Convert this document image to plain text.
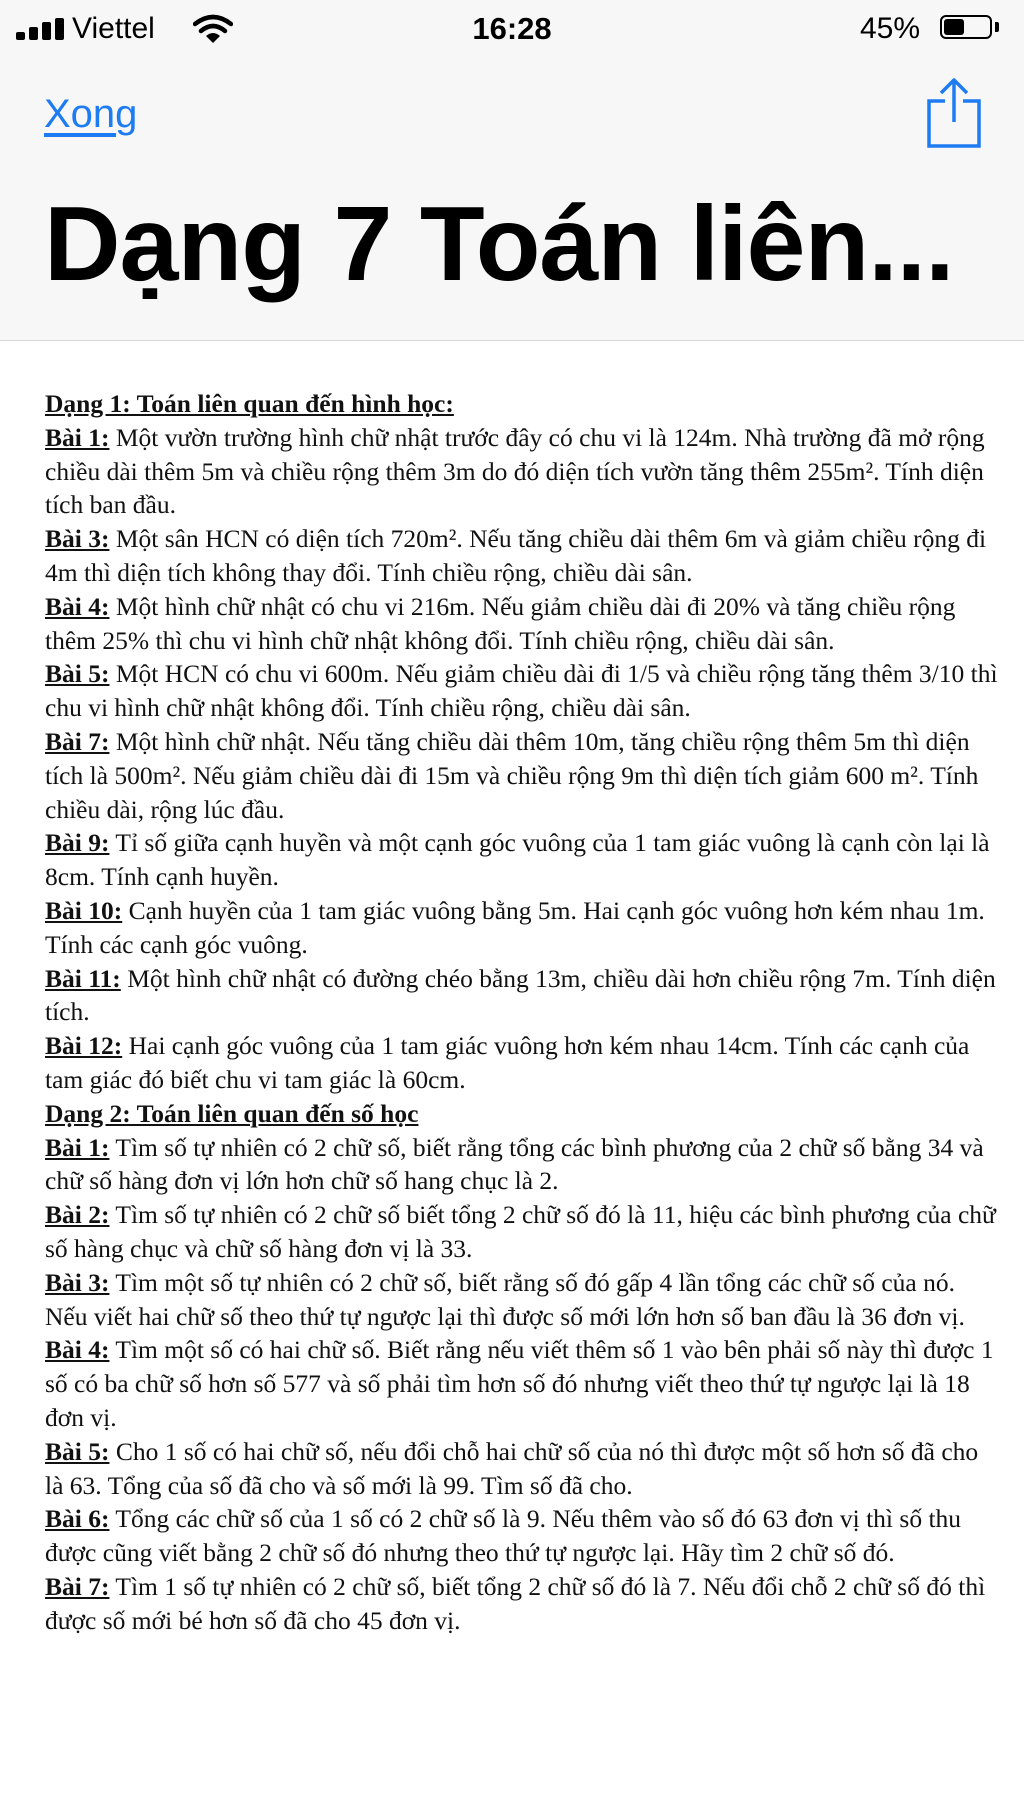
Viettel	16:28	45%
Xong
Dạng 7 Toán liên...

Dạng 1: Toán liên quan đến hình học:

Bài 1: Một vườn trường hình chữ nhật trước đây có chu vi là 124m. Nhà trường đã mở rộng chiều dài thêm 5m và chiều rộng thêm 3m do đó diện tích vườn tăng thêm 255m². Tính diện tích ban đầu.

Bài 3: Một sân HCN có diện tích 720m². Nếu tăng chiều dài thêm 6m và giảm chiều rộng đi 4m thì diện tích không thay đổi. Tính chiều rộng, chiều dài sân.

Bài 4: Một hình chữ nhật có chu vi 216m. Nếu giảm chiều dài đi 20% và tăng chiều rộng thêm 25% thì chu vi hình chữ nhật không đổi. Tính chiều rộng, chiều dài sân.

Bài 5: Một HCN có chu vi 600m. Nếu giảm chiều dài đi 1/5 và chiều rộng tăng thêm 3/10 thì chu vi hình chữ nhật không đổi. Tính chiều rộng, chiều dài sân.

Bài 7: Một hình chữ nhật. Nếu tăng chiều dài thêm 10m, tăng chiều rộng thêm 5m thì diện tích là 500m². Nếu giảm chiều dài đi 15m và chiều rộng 9m thì diện tích giảm 600 m². Tính chiều dài, rộng lúc đầu.

Bài 9: Tỉ số giữa cạnh huyền và một cạnh góc vuông của 1 tam giác vuông là cạnh còn lại là 8cm. Tính cạnh huyền.

Bài 10: Cạnh huyền của 1 tam giác vuông bằng 5m. Hai cạnh góc vuông hơn kém nhau 1m. Tính các cạnh góc vuông.

Bài 11: Một hình chữ nhật có đường chéo bằng 13m, chiều dài hơn chiều rộng 7m. Tính diện tích.

Bài 12: Hai cạnh góc vuông của 1 tam giác vuông hơn kém nhau 14cm. Tính các cạnh của tam giác đó biết chu vi tam giác là 60cm.

Dạng 2: Toán liên quan đến số học

Bài 1: Tìm số tự nhiên có 2 chữ số, biết rằng tổng các bình phương của 2 chữ số bằng 34 và chữ số hàng đơn vị lớn hơn chữ số hang chục là 2.

Bài 2: Tìm số tự nhiên có 2 chữ số biết tổng 2 chữ số đó là 11, hiệu các bình phương của chữ số hàng chục và chữ số hàng đơn vị là 33.

Bài 3: Tìm một số tự nhiên có 2 chữ số, biết rằng số đó gấp 4 lần tổng các chữ số của nó. Nếu viết hai chữ số theo thứ tự ngược lại thì được số mới lớn hơn số ban đầu là 36 đơn vị.

Bài 4: Tìm một số có hai chữ số. Biết rằng nếu viết thêm số 1 vào bên phải số này thì được 1 số có ba chữ số hơn số 577 và số phải tìm hơn số đó nhưng viết theo thứ tự ngược lại là 18 đơn vị.

Bài 5: Cho 1 số có hai chữ số, nếu đổi chỗ hai chữ số của nó thì được một số hơn số đã cho là 63. Tổng của số đã cho và số mới là 99. Tìm số đã cho.

Bài 6: Tổng các chữ số của 1 số có 2 chữ số là 9. Nếu thêm vào số đó 63 đơn vị thì số thu được cũng viết bằng 2 chữ số đó nhưng theo thứ tự ngược lại. Hãy tìm 2 chữ số đó.

Bài 7: Tìm 1 số tự nhiên có 2 chữ số, biết tổng 2 chữ số đó là 7. Nếu đổi chỗ 2 chữ số đó thì được số mới bé hơn số đã cho 45 đơn vị.
